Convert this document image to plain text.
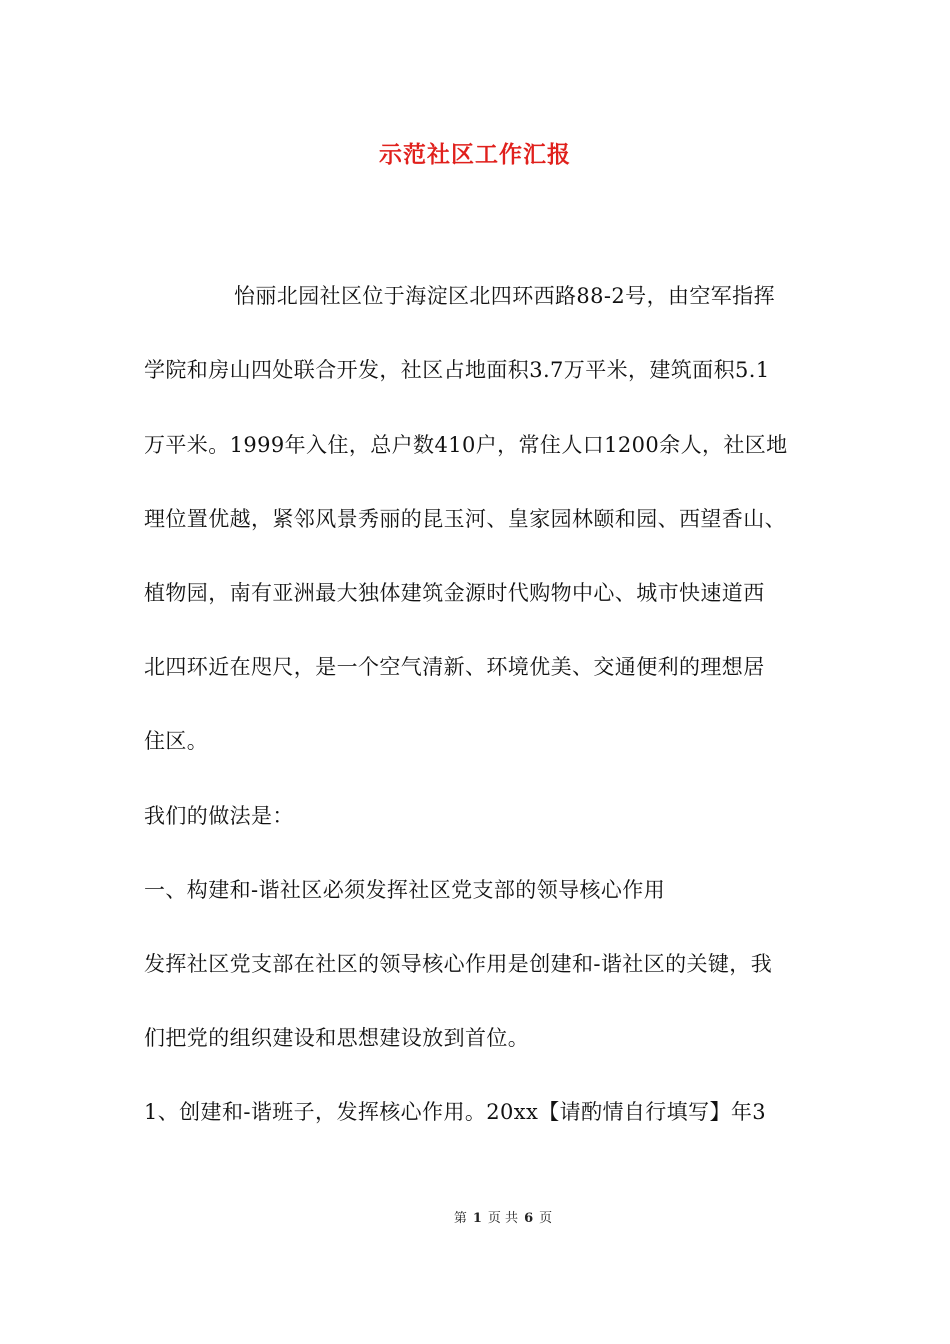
示范社区工作汇报
怡丽北园社区位于海淀区北四环西路88-2号，由空军指挥
学院和房山四处联合开发，社区占地面积3.7万平米，建筑面积5.1
万平米。1999年入住，总户数410户，常住人口1200余人，社区地
理位置优越，紧邻风景秀丽的昆玉河、皇家园林颐和园、西望香山、
植物园，南有亚洲最大独体建筑金源时代购物中心、城市快速道西
北四环近在咫尺，是一个空气清新、环境优美、交通便利的理想居
住区。
我们的做法是：
一、构建和-谐社区必须发挥社区党支部的领导核心作用
发挥社区党支部在社区的领导核心作用是创建和-谐社区的关键，我
们把党的组织建设和思想建设放到首位。
1、创建和-谐班子，发挥核心作用。20xx【请酌情自行填写】年3
第 1 页 共 6 页
